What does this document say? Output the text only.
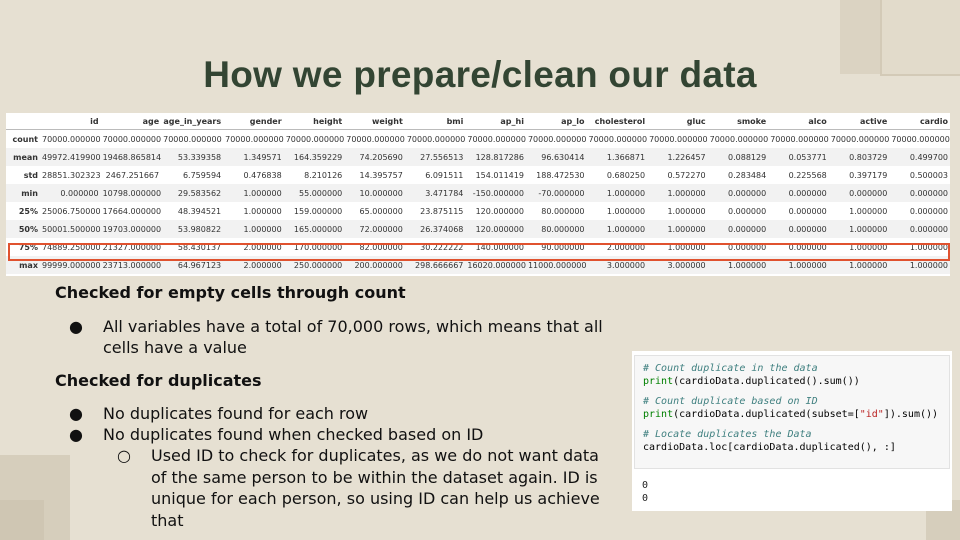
How we prepare/clean our data
	id	age	age_in_years	gender	height	weight	bmi	ap_hi	ap_lo	cholesterol	gluc	smoke	alco	active	cardio
count	70000.000000	70000.000000	70000.000000	70000.000000	70000.000000	70000.000000	70000.000000	70000.000000	70000.000000	70000.000000	70000.000000	70000.000000	70000.000000	70000.000000	70000.000000
mean	49972.419900	19468.865814	53.339358	1.349571	164.359229	74.205690	27.556513	128.817286	96.630414	1.366871	1.226457	0.088129	0.053771	0.803729	0.499700
std	28851.302323	2467.251667	6.759594	0.476838	8.210126	14.395757	6.091511	154.011419	188.472530	0.680250	0.572270	0.283484	0.225568	0.397179	0.500003
min	0.000000	10798.000000	29.583562	1.000000	55.000000	10.000000	3.471784	-150.000000	-70.000000	1.000000	1.000000	0.000000	0.000000	0.000000	0.000000
25%	25006.750000	17664.000000	48.394521	1.000000	159.000000	65.000000	23.875115	120.000000	80.000000	1.000000	1.000000	0.000000	0.000000	1.000000	0.000000
50%	50001.500000	19703.000000	53.980822	1.000000	165.000000	72.000000	26.374068	120.000000	80.000000	1.000000	1.000000	0.000000	0.000000	1.000000	0.000000
75%	74889.250000	21327.000000	58.430137	2.000000	170.000000	82.000000	30.222222	140.000000	90.000000	2.000000	1.000000	0.000000	0.000000	1.000000	1.000000
max	99999.000000	23713.000000	64.967123	2.000000	250.000000	200.000000	298.666667	16020.000000	11000.000000	3.000000	3.000000	1.000000	1.000000	1.000000	1.000000
Checked for empty cells through count
● All variables have a total of 70,000 rows, which means that all cells have a value
Checked for duplicates
● No duplicates found for each row
● No duplicates found when checked based on ID
○ Used ID to check for duplicates, as we do not want data of the same person to be within the dataset again. ID is unique for each person, so using ID can help us achieve that
# Count duplicate in the data
print(cardioData.duplicated().sum())
# Count duplicate based on ID
print(cardioData.duplicated(subset=["id"]).sum())
# Locate duplicates the Data
cardioData.loc[cardioData.duplicated(), :]
0
0
